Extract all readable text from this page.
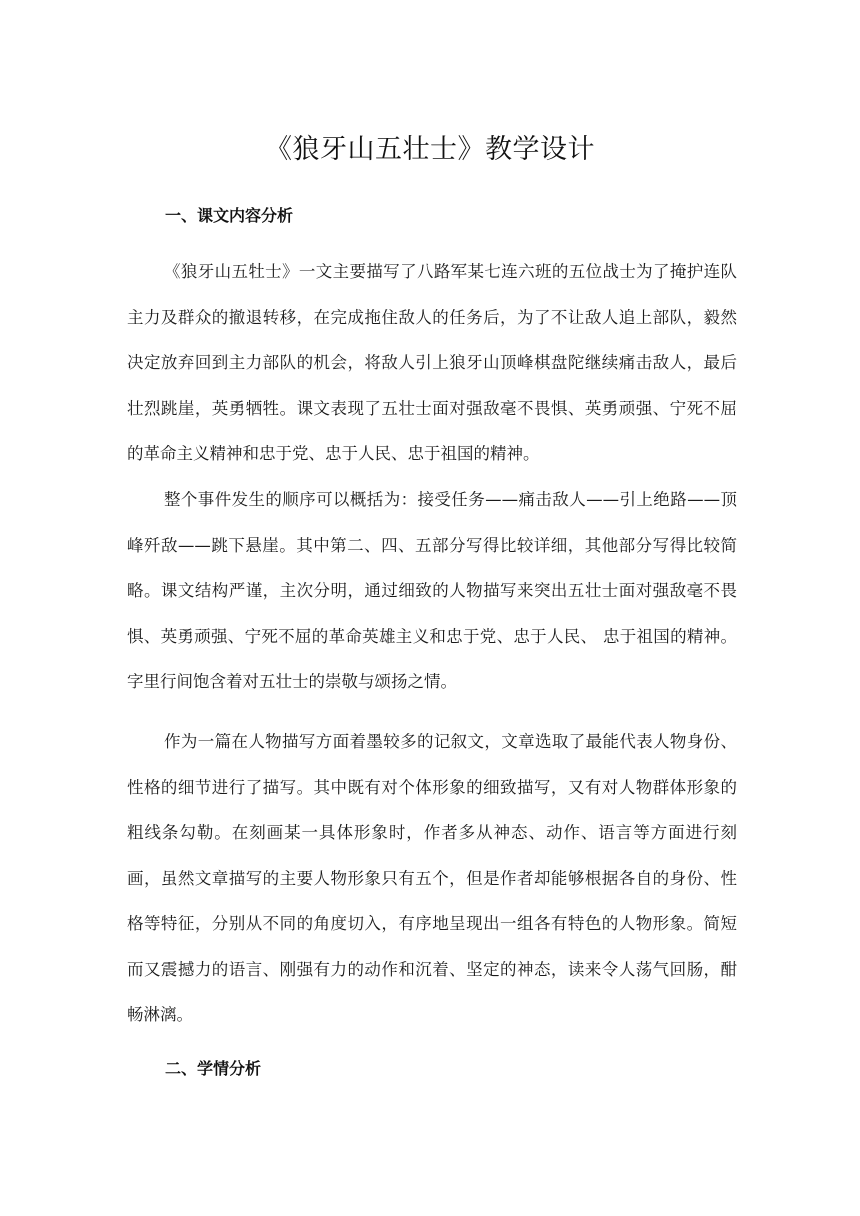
《狼牙山五壮士》教学设计
一、课文内容分析

《狼牙山五牡士》一文主要描写了八路军某七连六班的五位战士为了掩护连队主力及群众的撤退转移，在完成拖住敌人的任务后，为了不让敌人追上部队，毅然决定放弃回到主力部队的机会，将敌人引上狼牙山顶峰棋盘陀继续痛击敌人，最后壮烈跳崖，英勇牺牲。课文表现了五壮士面对强敌毫不畏惧、英勇顽强、宁死不屈的革命主义精神和忠于党、忠于人民、忠于祖国的精神。

整个事件发生的顺序可以概括为：接受任务——痛击敌人——引上绝路——顶峰歼敌——跳下悬崖。其中第二、四、五部分写得比较详细，其他部分写得比较简略。课文结构严谨，主次分明，通过细致的人物描写来突出五壮士面对强敌毫不畏惧、英勇顽强、宁死不屈的革命英雄主义和忠于党、忠于人民、 忠于祖国的精神。字里行间饱含着对五壮士的崇敬与颂扬之情。

作为一篇在人物描写方面着墨较多的记叙文，文章选取了最能代表人物身份、性格的细节进行了描写。其中既有对个体形象的细致描写，又有对人物群体形象的粗线条勾勒。在刻画某一具体形象时，作者多从神态、动作、语言等方面进行刻画，虽然文章描写的主要人物形象只有五个，但是作者却能够根据各自的身份、性格等特征，分别从不同的角度切入，有序地呈现出一组各有特色的人物形象。简短而又震撼力的语言、刚强有力的动作和沉着、坚定的神态，读来令人荡气回肠，酣畅淋漓。

二、学情分析
